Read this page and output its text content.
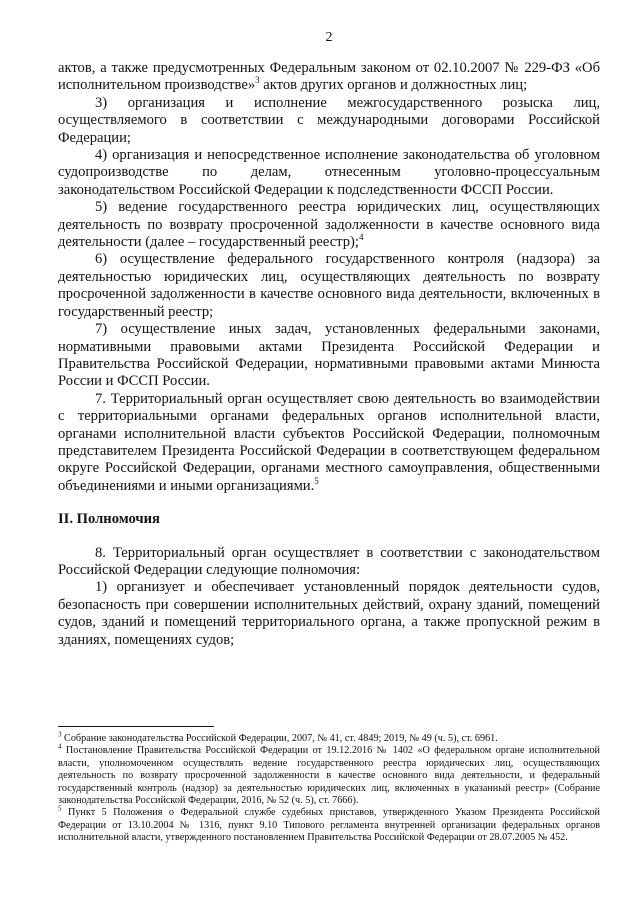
2

актов, а также предусмотренных Федеральным законом от 02.10.2007 № 229-ФЗ «Об исполнительном производстве»$^3$ актов других органов и должностных лиц;

3) организация и исполнение межгосударственного розыска лиц, осуществляемого в соответствии с международными договорами Российской Федерации;

4) организация и непосредственное исполнение законодательства об уголовном судопроизводстве по делам, отнесенным уголовно-процессуальным законодательством Российской Федерации к подследственности ФССП России.

5) ведение государственного реестра юридических лиц, осуществляющих деятельность по возврату просроченной задолженности в качестве основного вида деятельности (далее – государственный реестр);$^4$

6) осуществление федерального государственного контроля (надзора) за деятельностью юридических лиц, осуществляющих деятельность по возврату просроченной задолженности в качестве основного вида деятельности, включенных в государственный реестр;

7) осуществление иных задач, установленных федеральными законами, нормативными правовыми актами Президента Российской Федерации и Правительства Российской Федерации, нормативными правовыми актами Минюста России и ФССП России.

7. Территориальный орган осуществляет свою деятельность во взаимодействии с территориальными органами федеральных органов исполнительной власти, органами исполнительной власти субъектов Российской Федерации, полномочным представителем Президента Российской Федерации в соответствующем федеральном округе Российской Федерации, органами местного самоуправления, общественными объединениями и иными организациями.$^5$

II. Полномочия

8. Территориальный орган осуществляет в соответствии с законодательством Российской Федерации следующие полномочия:

1) организует и обеспечивает установленный порядок деятельности судов, безопасность при совершении исполнительных действий, охрану зданий, помещений судов, зданий и помещений территориального органа, а также пропускной режим в зданиях, помещениях судов;

$^3$ Собрание законодательства Российской Федерации, 2007, № 41, ст. 4849; 2019, № 49 (ч. 5), ст. 6961.

$^4$ Постановление Правительства Российской Федерации от 19.12.2016 № 1402 «О федеральном органе исполнительной власти, уполномоченном осуществлять ведение государственного реестра юридических лиц, осуществляющих деятельность по возврату просроченной задолженности в качестве основного вида деятельности, и федеральный государственный контроль (надзор) за деятельностью юридических лиц, включенных в указанный реестр» (Собрание законодательства Российской Федерации, 2016, № 52 (ч. 5), ст. 7666).

$^5$ Пункт 5 Положения о Федеральной службе судебных приставов, утвержденного Указом Президента Российской Федерации от 13.10.2004 № 1316, пункт 9.10 Типового регламента внутренней организации федеральных органов исполнительной власти, утвержденного постановлением Правительства Российской Федерации от 28.07.2005 № 452.
